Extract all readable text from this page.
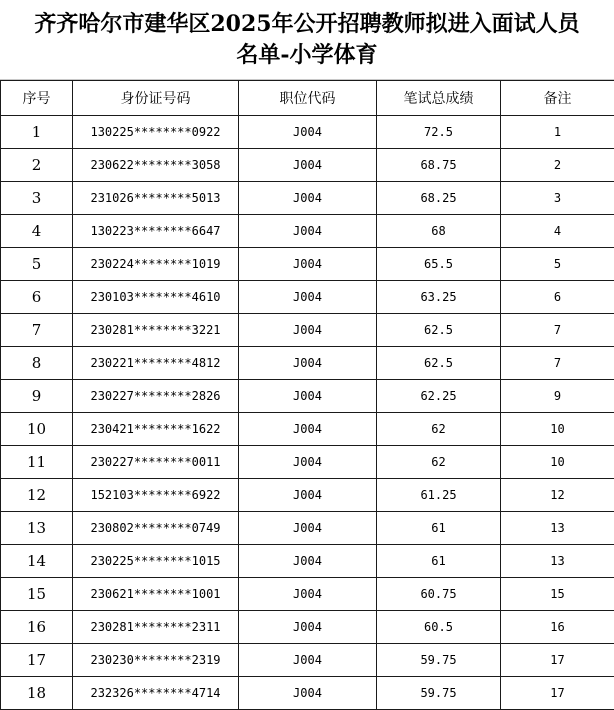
齐齐哈尔市建华区2025年公开招聘教师拟进入面试人员
名单-小学体育
序号	身份证号码	职位代码	笔试总成绩	备注
1	130225********0922	J004	72.5	1
2	230622********3058	J004	68.75	2
3	231026********5013	J004	68.25	3
4	130223********6647	J004	68	4
5	230224********1019	J004	65.5	5
6	230103********4610	J004	63.25	6
7	230281********3221	J004	62.5	7
8	230221********4812	J004	62.5	7
9	230227********2826	J004	62.25	9
10	230421********1622	J004	62	10
11	230227********0011	J004	62	10
12	152103********6922	J004	61.25	12
13	230802********0749	J004	61	13
14	230225********1015	J004	61	13
15	230621********1001	J004	60.75	15
16	230281********2311	J004	60.5	16
17	230230********2319	J004	59.75	17
18	232326********4714	J004	59.75	17
